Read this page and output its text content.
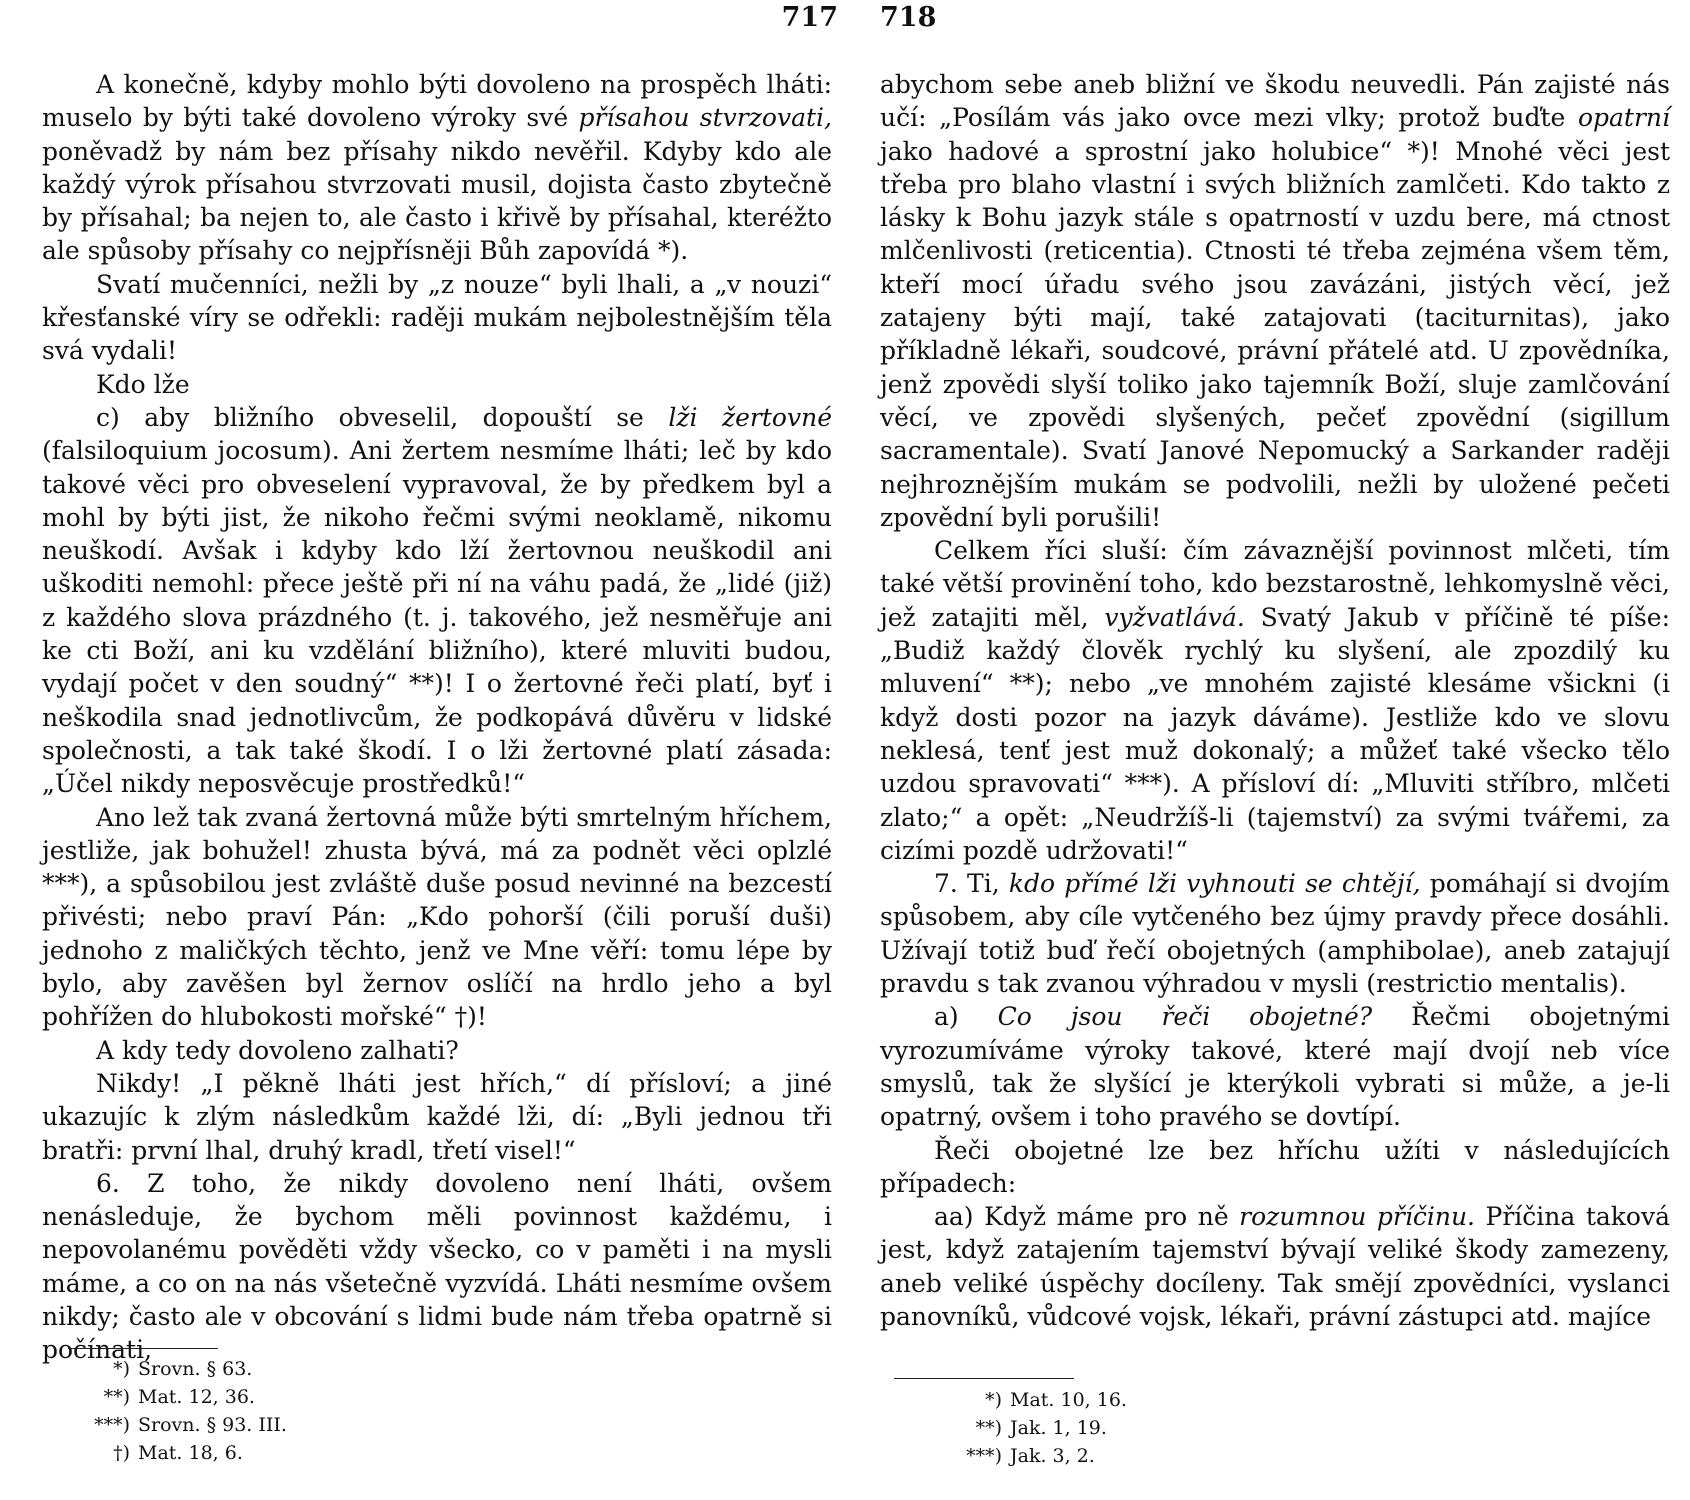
717

A konečně, kdyby mohlo býti dovoleno na prospěch lháti: muselo by býti také dovoleno výroky své přísahou stvrzovati, poněvadž by nám bez přísahy nikdo nevěřil. Kdyby kdo ale každý výrok přísahou stvrzovati musil, dojista často zbytečně by přísahal; ba nejen to, ale často i křivě by přísahal, kteréžto ale spůsoby přísahy co nejpřísněji Bůh zapovídá *).

Svatí mučenníci, nežli by „z nouze“ byli lhali, a „v nouzi“ křesťanské víry se odřekli: raději mukám nejbolestnějším těla svá vydali!

Kdo lže

c) aby bližního obveselil, dopouští se lži žertovné (falsiloquium jocosum). Ani žertem nesmíme lháti; leč by kdo takové věci pro obveselení vypravoval, že by předkem byl a mohl by býti jist, že nikoho řečmi svými neoklamě, nikomu neuškodí. Avšak i kdyby kdo lží žertovnou neuškodil ani uškoditi nemohl: přece ještě při ní na váhu padá, že „lidé (již) z každého slova prázdného (t. j. takového, jež nesměřuje ani ke cti Boží, ani ku vzdělání bližního), které mluviti budou, vydají počet v den soudný“ **)! I o žertovné řeči platí, byť i neškodila snad jednotlivcům, že podkopává důvěru v lidské společnosti, a tak také škodí. I o lži žertovné platí zásada: „Účel nikdy neposvěcuje prostředků!“

Ano lež tak zvaná žertovná může býti smrtelným hříchem, jestliže, jak bohužel! zhusta bývá, má za podnět věci oplzlé ***), a spůsobilou jest zvláště duše posud nevinné na bezcestí přivésti; nebo praví Pán: „Kdo pohorší (čili poruší duši) jednoho z maličkých těchto, jenž ve Mne věří: tomu lépe by bylo, aby zavěšen byl žernov oslíčí na hrdlo jeho a byl pohřížen do hlubokosti mořské“ †)!

A kdy tedy dovoleno zalhati?

Nikdy! „I pěkně lháti jest hřích,“ dí přísloví; a jiné ukazujíc k zlým následkům každé lži, dí: „Byli jednou tři bratři: první lhal, druhý kradl, třetí visel!“

6. Z toho, že nikdy dovoleno není lháti, ovšem nenásleduje, že bychom měli povinnost každému, i nepovolanému pověděti vždy všecko, co v paměti i na mysli máme, a co on na nás všetečně vyzvídá. Lháti nesmíme ovšem nikdy; často ale v obcování s lidmi bude nám třeba opatrně si počínati,

*) Srovn. § 63.
**) Mat. 12, 36.
***) Srovn. § 93. III.
†) Mat. 18, 6.
718

abychom sebe aneb bližní ve škodu neuvedli. Pán zajisté nás učí: „Posílám vás jako ovce mezi vlky; protož buďte opatrní jako hadové a sprostní jako holubice“ *)! Mnohé věci jest třeba pro blaho vlastní i svých bližních zamlčeti. Kdo takto z lásky k Bohu jazyk stále s opatrností v uzdu bere, má ctnost mlčenlivosti (reticentia). Ctnosti té třeba zejména všem těm, kteří mocí úřadu svého jsou zavázáni, jistých věcí, jež zatajeny býti mají, také zatajovati (taciturnitas), jako příkladně lékaři, soudcové, právní přátelé atd. U zpovědníka, jenž zpovědi slyší toliko jako tajemník Boží, sluje zamlčování věcí, ve zpovědi slyšených, pečeť zpovědní (sigillum sacramentale). Svatí Janové Nepomucký a Sarkander raději nejhroznějším mukám se podvolili, nežli by uložené pečeti zpovědní byli porušili!

Celkem říci sluší: čím závaznější povinnost mlčeti, tím také větší provinění toho, kdo bezstarostně, lehkomyslně věci, jež zatajiti měl, vyžvatlává. Svatý Jakub v příčině té píše: „Budiž každý člověk rychlý ku slyšení, ale zpozdilý ku mluvení“ **); nebo „ve mnohém zajisté klesáme všickni (i když dosti pozor na jazyk dáváme). Jestliže kdo ve slovu neklesá, tenť jest muž dokonalý; a můžeť také všecko tělo uzdou spravovati“ ***). A přísloví dí: „Mluviti stříbro, mlčeti zlato;“ a opět: „Neudržíš-li (tajemství) za svými tvářemi, za cizími pozdě udržovati!“

7. Ti, kdo přímé lži vyhnouti se chtějí, pomáhají si dvojím spůsobem, aby cíle vytčeného bez újmy pravdy přece dosáhli. Užívají totiž buď řečí obojetných (amphibolae), aneb zatajují pravdu s tak zvanou výhradou v mysli (restrictio mentalis).

a) Co jsou řeči obojetné? Řečmi obojetnými vyrozumíváme výroky takové, které mají dvojí neb více smyslů, tak že slyšící je kterýkoli vybrati si může, a je-li opatrný, ovšem i toho pravého se dovtípí.

Řeči obojetné lze bez hříchu užíti v následujících případech:

aa) Když máme pro ně rozumnou příčinu. Příčina taková jest, když zatajením tajemství bývají veliké škody zamezeny, aneb veliké úspěchy docíleny. Tak smějí zpovědníci, vyslanci panovníků, vůdcové vojsk, lékaři, právní zástupci atd. majíce

*) Mat. 10, 16.
**) Jak. 1, 19.
***) Jak. 3, 2.
